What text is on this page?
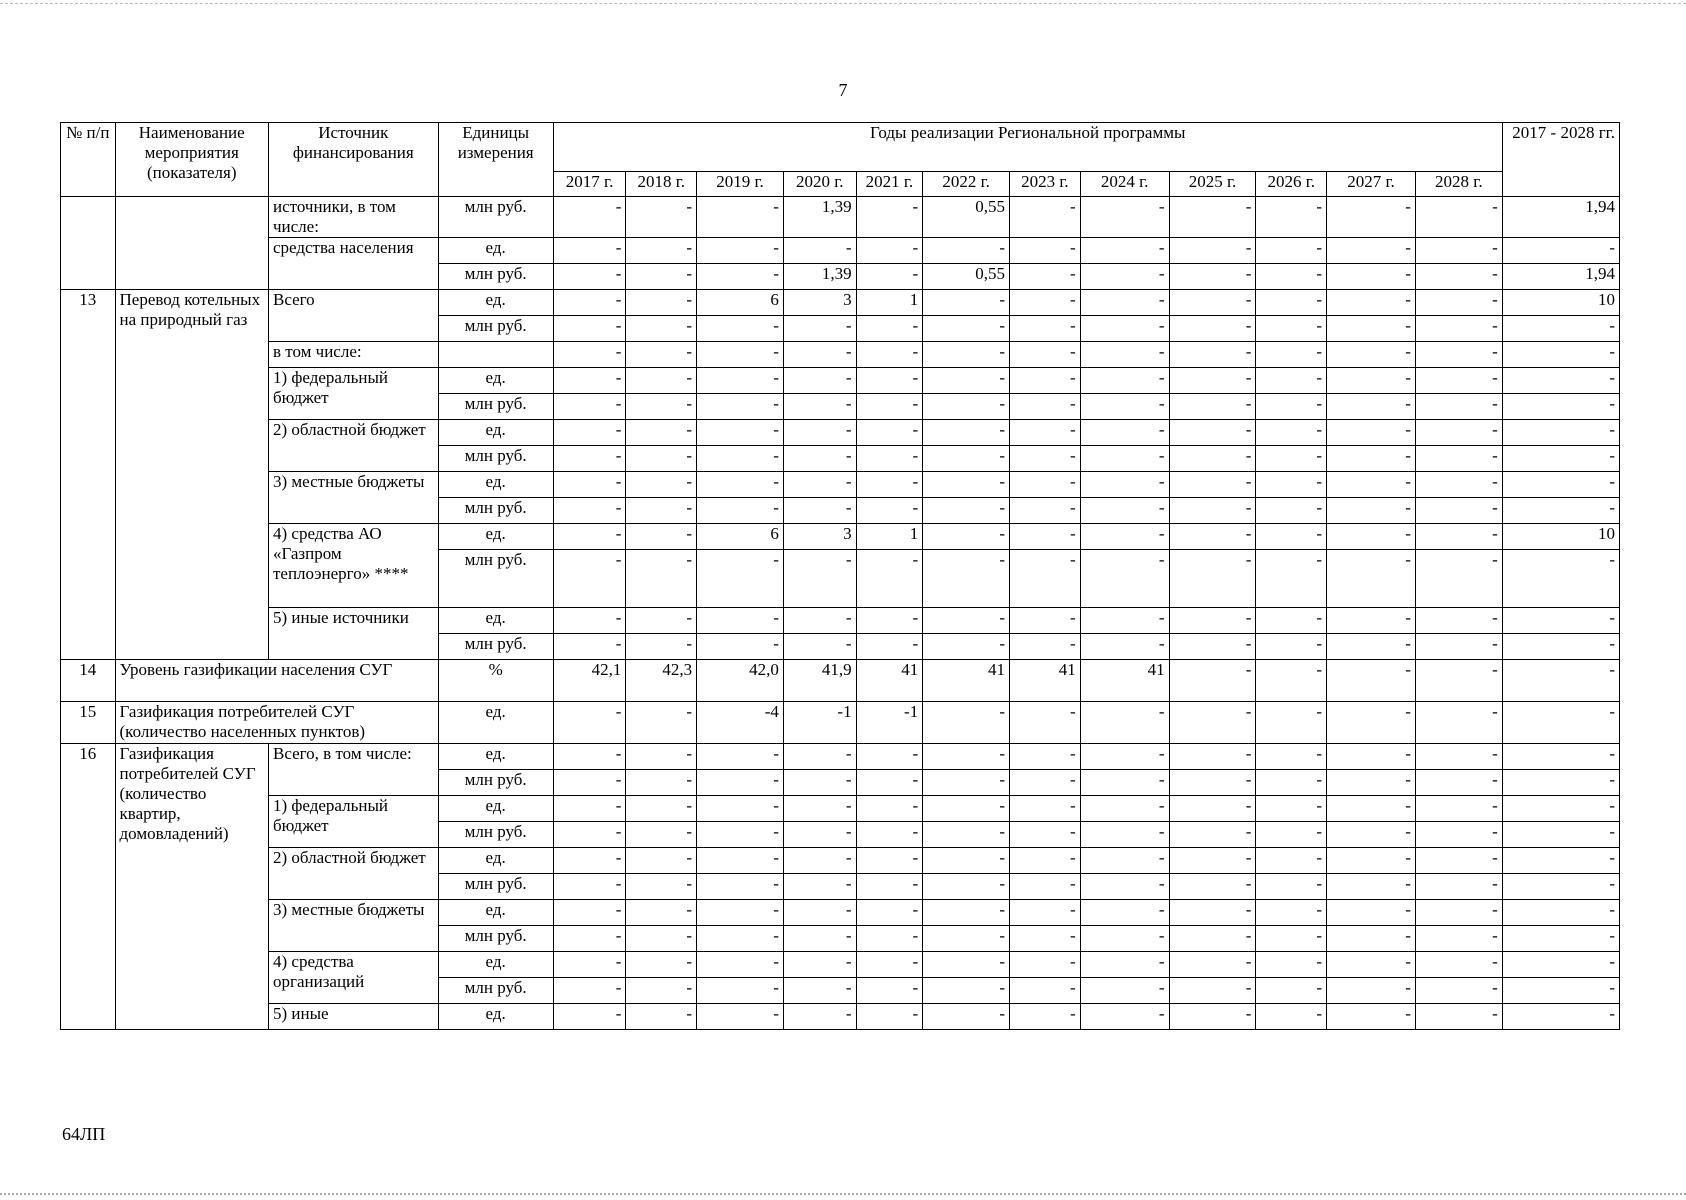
7
№ п/п	Наименование мероприятия (показателя)	Источник финансирования	Единицы измерения	Годы реализации Региональной программы												2017 - 2028 гг.
				2017 г.	2018 г.	2019 г.	2020 г.	2021 г.	2022 г.	2023 г.	2024 г.	2025 г.	2026 г.	2027 г.	2028 г.	
		источники, в том числе:	млн руб.	-	-	-	1,39	-	0,55	-	-	-	-	-	-	1,94
		средства населения	ед.	-	-	-	-	-	-	-	-	-	-	-	-	-
			млн руб.	-	-	-	1,39	-	0,55	-	-	-	-	-	-	1,94
13	Перевод котельных на природный газ	Всего	ед.	-	-	6	3	1	-	-	-	-	-	-	-	10
			млн руб.	-	-	-	-	-	-	-	-	-	-	-	-	-
		в том числе:		-	-	-	-	-	-	-	-	-	-	-	-	-
		1) федеральный бюджет	ед.	-	-	-	-	-	-	-	-	-	-	-	-	-
			млн руб.	-	-	-	-	-	-	-	-	-	-	-	-	-
		2) областной бюджет	ед.	-	-	-	-	-	-	-	-	-	-	-	-	-
			млн руб.	-	-	-	-	-	-	-	-	-	-	-	-	-
		3) местные бюджеты	ед.	-	-	-	-	-	-	-	-	-	-	-	-	-
			млн руб.	-	-	-	-	-	-	-	-	-	-	-	-	-
		4) средства АО «Газпром теплоэнерго» ****	ед.	-	-	6	3	1	-	-	-	-	-	-	-	10
			млн руб.	-	-	-	-	-	-	-	-	-	-	-	-	-
		5) иные источники	ед.	-	-	-	-	-	-	-	-	-	-	-	-	-
			млн руб.	-	-	-	-	-	-	-	-	-	-	-	-	-
14	Уровень газификации населения СУГ		%	42,1	42,3	42,0	41,9	41	41	41	41	-	-	-	-	-
15	Газификация потребителей СУГ (количество населенных пунктов)		ед.	-	-	-4	-1	-1	-	-	-	-	-	-	-	-
16	Газификация потребителей СУГ (количество квартир, домовладений)	Всего, в том числе:	ед.	-	-	-	-	-	-	-	-	-	-	-	-	-
			млн руб.	-	-	-	-	-	-	-	-	-	-	-	-	-
		1) федеральный бюджет	ед.	-	-	-	-	-	-	-	-	-	-	-	-	-
			млн руб.	-	-	-	-	-	-	-	-	-	-	-	-	-
		2) областной бюджет	ед.	-	-	-	-	-	-	-	-	-	-	-	-	-
			млн руб.	-	-	-	-	-	-	-	-	-	-	-	-	-
		3) местные бюджеты	ед.	-	-	-	-	-	-	-	-	-	-	-	-	-
			млн руб.	-	-	-	-	-	-	-	-	-	-	-	-	-
		4) средства организаций	ед.	-	-	-	-	-	-	-	-	-	-	-	-	-
			млн руб.	-	-	-	-	-	-	-	-	-	-	-	-	-
		5) иные	ед.	-	-	-	-	-	-	-	-	-	-	-	-	-
64ЛП
